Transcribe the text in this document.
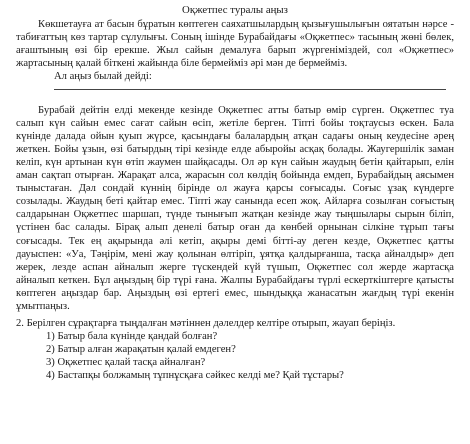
Оқжетпес туралы аңыз

Көкшетауға ат басын бұратын көптеген саяхатшылардың қызығушылығын оятатын нәрсе - табиғаттың көз тартар сұлулығы. Соның ішінде Бурабайдағы «Оқжетпес» тасының жөні бөлек, ағаштының өзі бір ерекше. Жыл сайын демалуға барып жүргеніміздей, сол «Оқжетпес» жартасының қалай біткені жайында біле бермейміз әрі мән де бермейміз.

Ал аңыз былай дейді:

Бурабай дейтін елді мекенде кезінде Оқжетпес атты батыр өмір сүрген. Оқжетпес туа салып күн сайын емес сағат сайын өсіп, жетіле берген. Тіпті бойы тоқтаусыз өскен. Бала күнінде далада ойын қуып жүрсе, қасындағы балалардың атқан садағы оның кеудесіне әрең жеткен. Бойы ұзын, өзі батырдың тірі кезінде елде абыройы асқақ болады. Жаугершілік заман келіп, күн артынан күн өтіп жаумен шайқасады. Ол әр күн сайын жаудың бетін қайтарып, елін аман сақтап отырған. Жарақат алса, жарасын сол көлдің бойында емдеп, Бурабайдың аясымен тыныстаған. Дәл сондай күннің бірінде ол жауға қарсы соғысады. Соғыс ұзақ күндерге созылады. Жаудың беті қайтар емес. Тіпті жау санында есеп жоқ. Айларға созылған соғыстың салдарынан Оқжетпес шаршап, түнде тынығып жатқан кезінде жау тыңшылары сырын біліп, үстінен бас салады. Бірақ алып денелі батыр оған да көнбей орнынан сілкіне тұрып тағы соғысады. Тек ең ақырында әлі кетіп, ақыры демі бітті-ау деген кезде, Оқжетпес қатты дауыспен: «Уа, Тәңірім, мені жау қолынан өлтіріп, ұятқа қалдырғанша, тасқа айналдыр» деп жерек, лезде аспан айналып жерге түскендей күй түшып, Оқжетпес сол жерде жартасқа айналып кеткен. Бұл аңыздың бір түрі ғана. Жалпы Бурабайдағы түрлі ескерткіштерге қатысты көптеген аңыздар бар. Аңыздың өзі ертегі емес, шындыққа жанасатын жағдың түрі екенін ұмытпаңыз.

2. Берілген сұрақтарға тыңдалған мәтіннен дәлелдер келтіре отырып, жауап беріңіз.

1) Батыр бала күнінде қандай болған?
2) Батыр алған жарақатын қалай емдеген?
3) Оқжетпес қалай тасқа айналған?
4) Бастапқы болжамың тұпнұсқаға сәйкес келді ме? Қай тұстары?
